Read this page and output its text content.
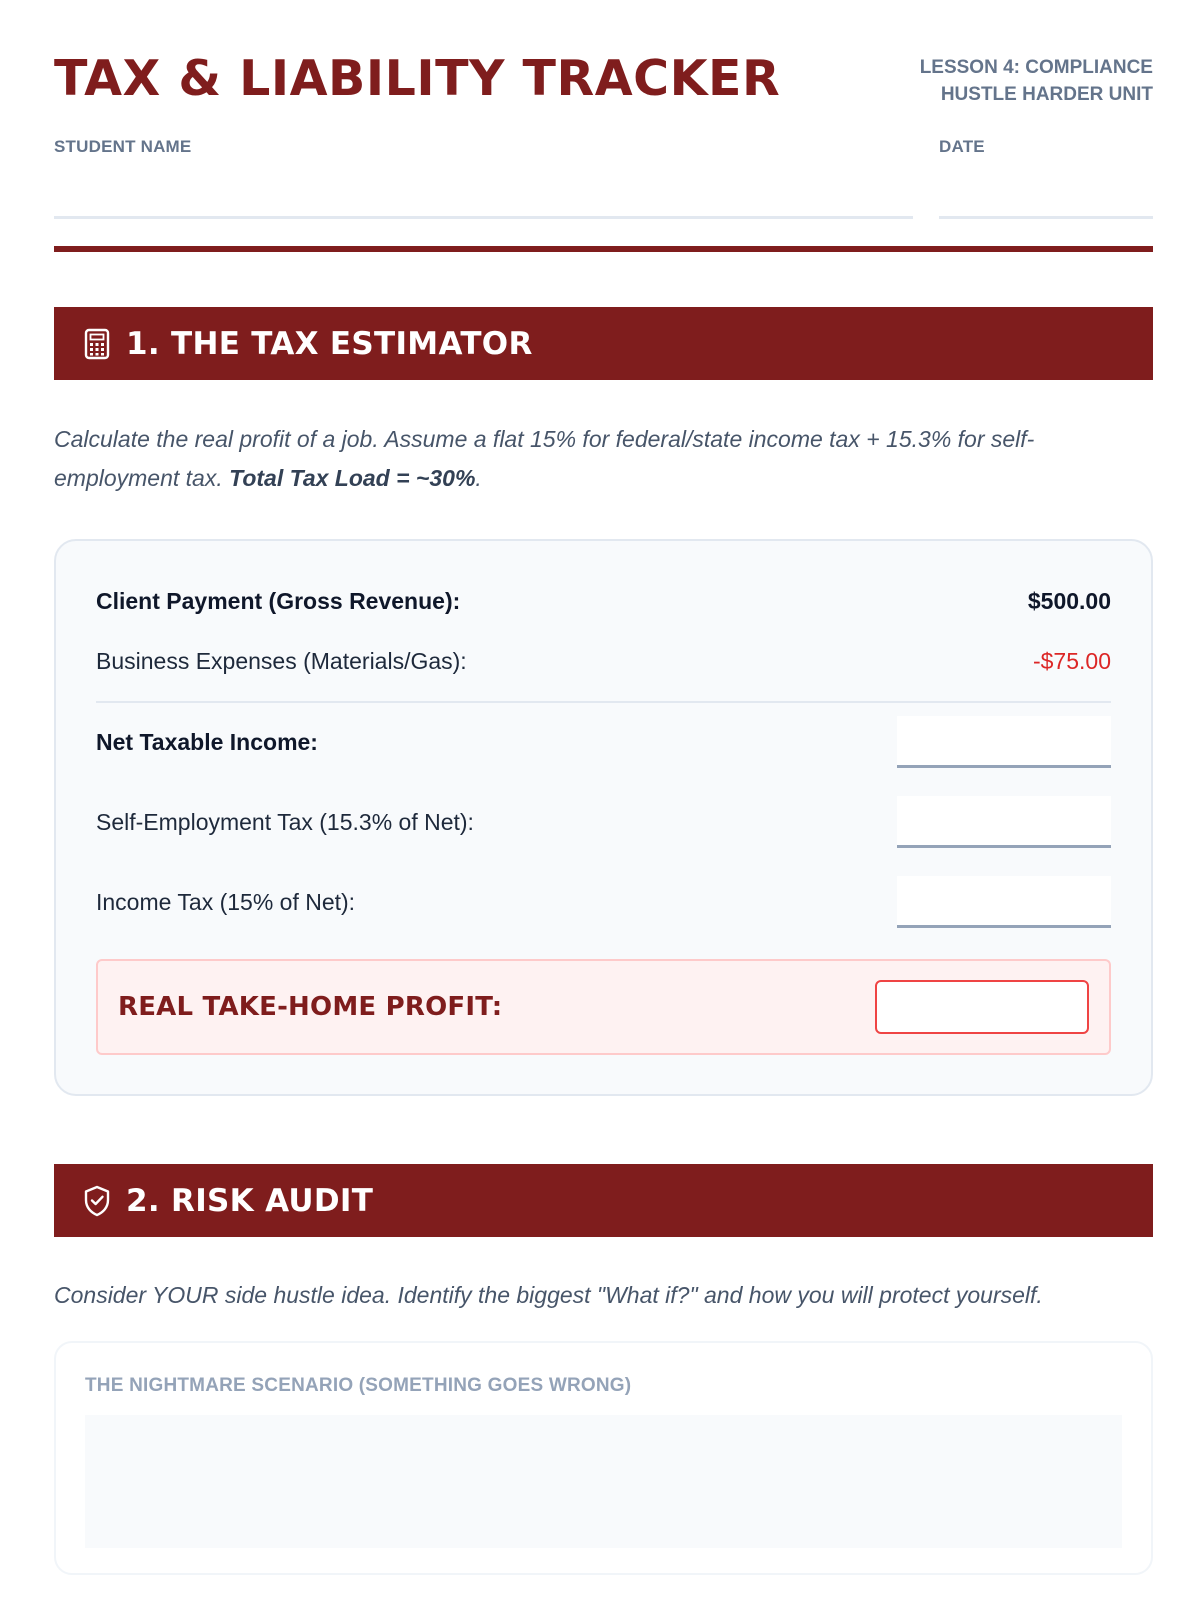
TAX & LIABILITY TRACKER	LESSON 4: COMPLIANCE
HUSTLE HARDER UNIT
STUDENT NAME	DATE
1. THE TAX ESTIMATOR

Calculate the real profit of a job. Assume a flat 15% for federal/state income tax + 15.3% for self-employment tax. Total Tax Load = ~30%.

Client Payment (Gross Revenue):	$500.00
Business Expenses (Materials/Gas):	-$75.00
Net Taxable Income:
Self-Employment Tax (15.3% of Net):
Income Tax (15% of Net):
REAL TAKE-HOME PROFIT:
2. RISK AUDIT

Consider YOUR side hustle idea. Identify the biggest "What if?" and how you will protect yourself.

THE NIGHTMARE SCENARIO (SOMETHING GOES WRONG)
